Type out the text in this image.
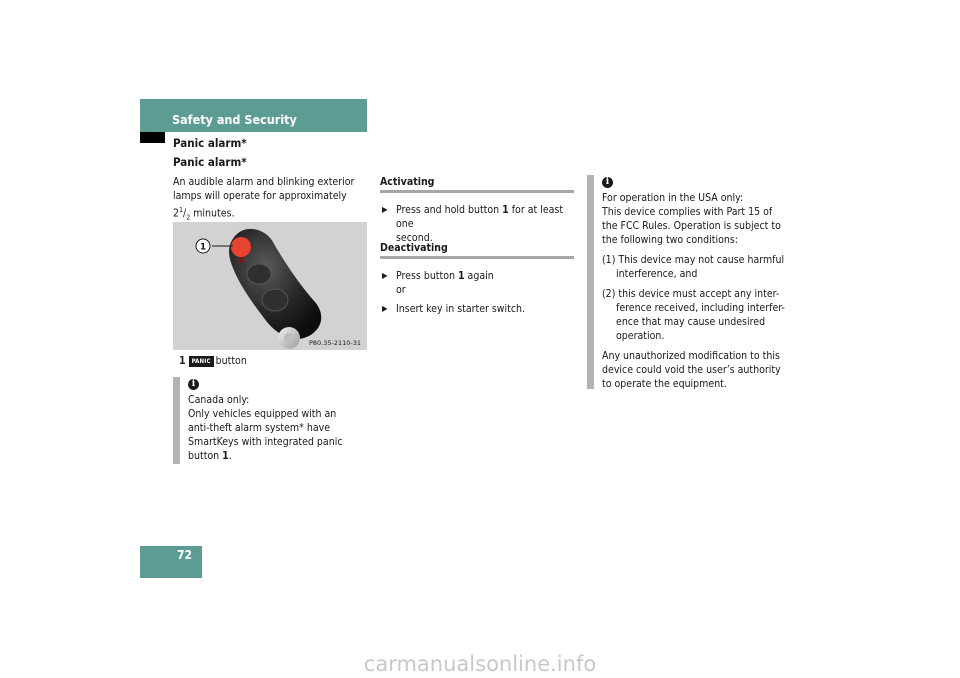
Safety and Security
Panic alarm*
Panic alarm*
An audible alarm and blinking exterior
lamps will operate for approximately
$2^1/_2$ minutes.
1
P80.35-2110-31
1 PANIC button
i
Canada only:
Only vehicles equipped with an
anti-theft alarm system* have
SmartKeys with integrated panic
button 1.
Activating
▶ Press and hold button 1 for at least one
second.
Deactivating
▶ Press button 1 again
or
▶ Insert key in starter switch.
i
For operation in the USA only:
This device complies with Part 15 of
the FCC Rules. Operation is subject to
the following two conditions:
(1) This device may not cause harmful
interference, and
(2) this device must accept any inter-
ference received, including interfer-
ence that may cause undesired
operation.
Any unauthorized modification to this
device could void the user’s authority
to operate the equipment.
72
carmanualsonline.info
